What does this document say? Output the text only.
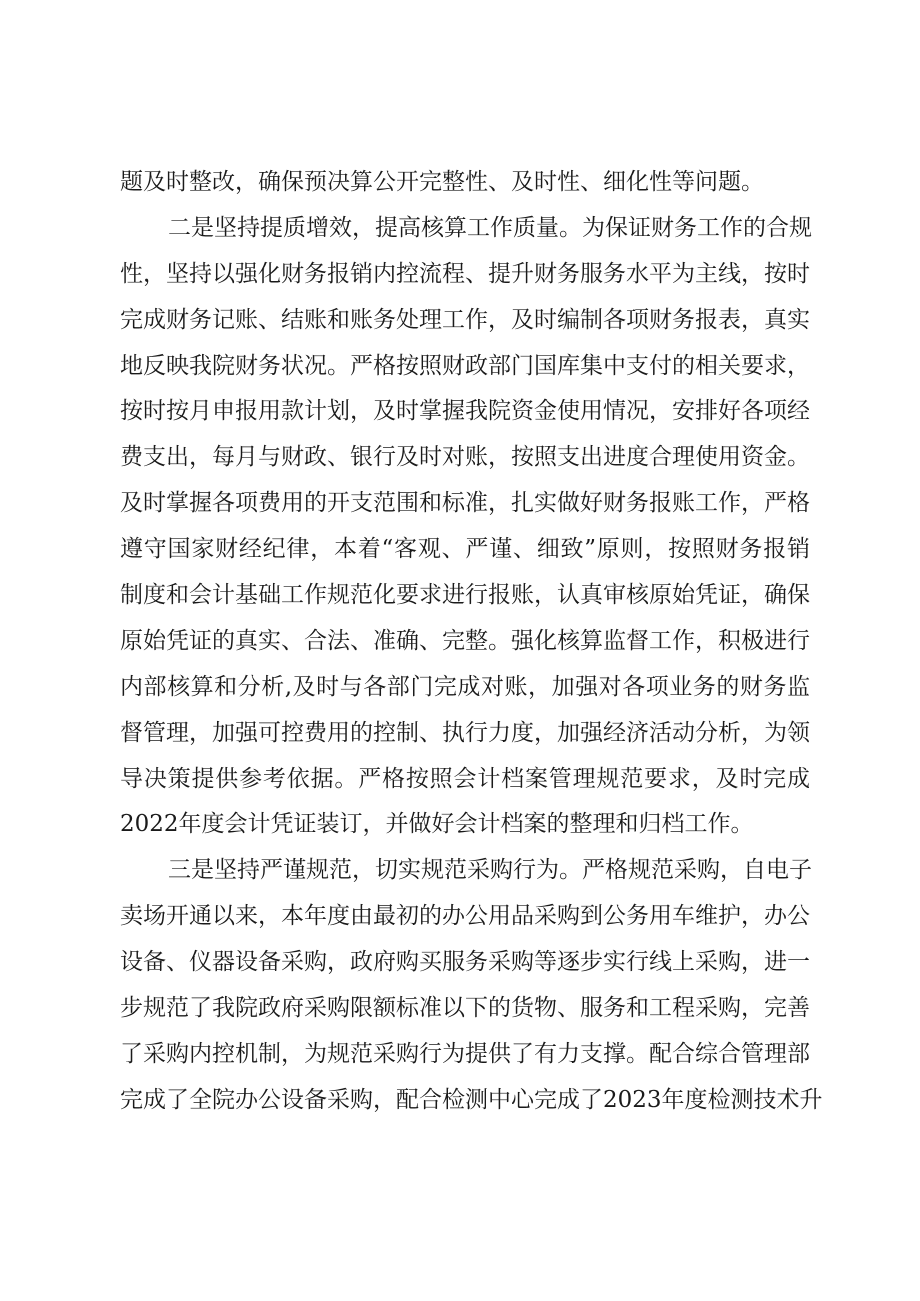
题及时整改，确保预决算公开完整性、及时性、细化性等问题。
二是坚持提质增效，提高核算工作质量。为保证财务工作的合规
性，坚持以强化财务报销内控流程、提升财务服务水平为主线，按时
完成财务记账、结账和账务处理工作，及时编制各项财务报表，真实
地反映我院财务状况。严格按照财政部门国库集中支付的相关要求，
按时按月申报用款计划，及时掌握我院资金使用情况，安排好各项经
费支出，每月与财政、银行及时对账，按照支出进度合理使用资金。
及时掌握各项费用的开支范围和标准，扎实做好财务报账工作，严格
遵守国家财经纪律，本着“客观、严谨、细致”原则，按照财务报销
制度和会计基础工作规范化要求进行报账，认真审核原始凭证，确保
原始凭证的真实、合法、准确、完整。强化核算监督工作，积极进行
内部核算和分析,及时与各部门完成对账，加强对各项业务的财务监
督管理，加强可控费用的控制、执行力度，加强经济活动分析，为领
导决策提供参考依据。严格按照会计档案管理规范要求，及时完成
2022年度会计凭证装订，并做好会计档案的整理和归档工作。
三是坚持严谨规范，切实规范采购行为。严格规范采购，自电子
卖场开通以来，本年度由最初的办公用品采购到公务用车维护，办公
设备、仪器设备采购，政府购买服务采购等逐步实行线上采购，进一
步规范了我院政府采购限额标准以下的货物、服务和工程采购，完善
了采购内控机制，为规范采购行为提供了有力支撑。配合综合管理部
完成了全院办公设备采购，配合检测中心完成了2023年度检测技术升
